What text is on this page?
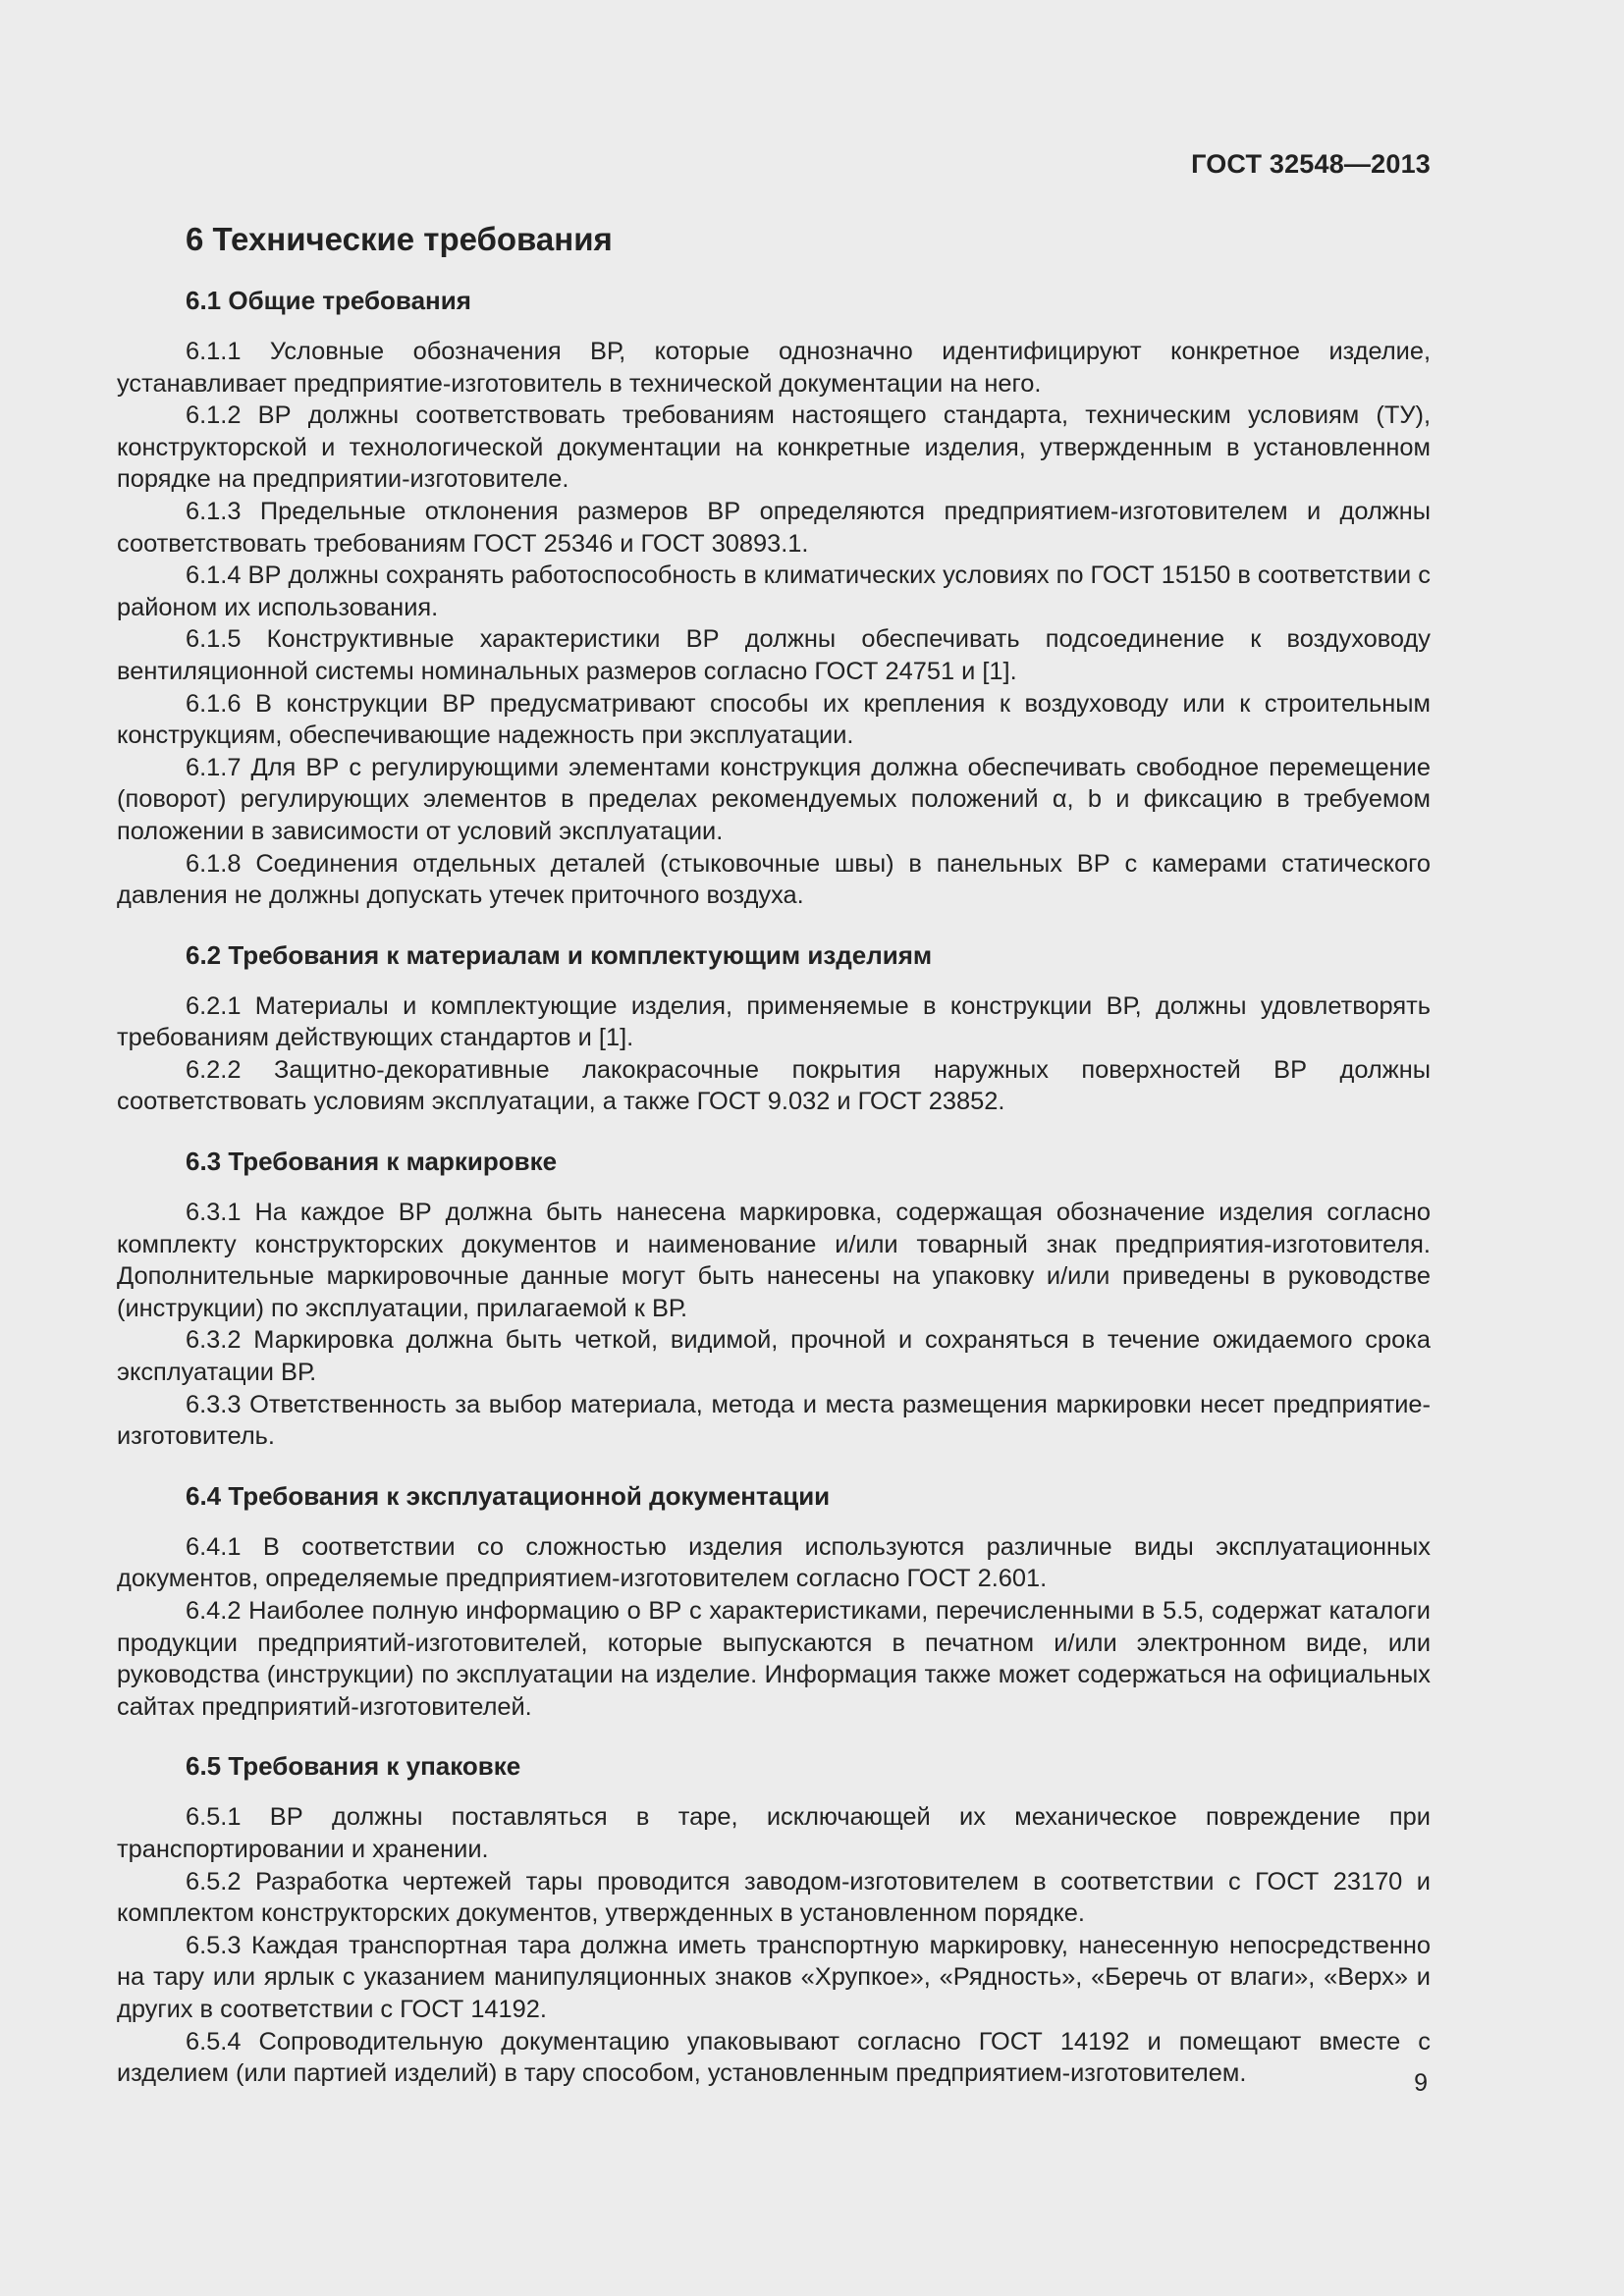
ГОСТ 32548—2013
6 Технические требования
6.1 Общие требования

6.1.1 Условные обозначения ВР, которые однозначно идентифицируют конкретное изделие, устанавливает предприятие-изготовитель в технической документации на него.

6.1.2 ВР должны соответствовать требованиям настоящего стандарта, техническим условиям (ТУ), конструкторской и технологической документации на конкретные изделия, утвержденным в установленном порядке на предприятии-изготовителе.

6.1.3 Предельные отклонения размеров ВР определяются предприятием-изготовителем и должны соответствовать требованиям ГОСТ 25346 и ГОСТ 30893.1.

6.1.4 ВР должны сохранять работоспособность в климатических условиях по ГОСТ 15150 в соответствии с районом их использования.

6.1.5 Конструктивные характеристики ВР должны обеспечивать подсоединение к воздуховоду вентиляционной системы номинальных размеров согласно ГОСТ 24751 и [1].

6.1.6 В конструкции ВР предусматривают способы их крепления к воздуховоду или к строительным конструкциям, обеспечивающие надежность при эксплуатации.

6.1.7 Для ВР с регулирующими элементами конструкция должна обеспечивать свободное перемещение (поворот) регулирующих элементов в пределах рекомендуемых положений α, b и фиксацию в требуемом положении в зависимости от условий эксплуатации.

6.1.8 Соединения отдельных деталей (стыковочные швы) в панельных ВР с камерами статического давления не должны допускать утечек приточного воздуха.

6.2 Требования к материалам и комплектующим изделиям

6.2.1 Материалы и комплектующие изделия, применяемые в конструкции ВР, должны удовлетворять требованиям действующих стандартов и [1].

6.2.2 Защитно-декоративные лакокрасочные покрытия наружных поверхностей ВР должны соответствовать условиям эксплуатации, а также ГОСТ 9.032 и ГОСТ 23852.

6.3 Требования к маркировке

6.3.1 На каждое ВР должна быть нанесена маркировка, содержащая обозначение изделия согласно комплекту конструкторских документов и наименование и/или товарный знак предприятия-изготовителя. Дополнительные маркировочные данные могут быть нанесены на упаковку и/или приведены в руководстве (инструкции) по эксплуатации, прилагаемой к ВР.

6.3.2 Маркировка должна быть четкой, видимой, прочной и сохраняться в течение ожидаемого срока эксплуатации ВР.

6.3.3 Ответственность за выбор материала, метода и места размещения маркировки несет предприятие-изготовитель.

6.4 Требования к эксплуатационной документации

6.4.1 В соответствии со сложностью изделия используются различные виды эксплуатационных документов, определяемые предприятием-изготовителем согласно ГОСТ 2.601.

6.4.2 Наиболее полную информацию о ВР с характеристиками, перечисленными в 5.5, содержат каталоги продукции предприятий-изготовителей, которые выпускаются в печатном и/или электронном виде, или руководства (инструкции) по эксплуатации на изделие. Информация также может содержаться на официальных сайтах предприятий-изготовителей.

6.5 Требования к упаковке

6.5.1 ВР должны поставляться в таре, исключающей их механическое повреждение при транспортировании и хранении.

6.5.2 Разработка чертежей тары проводится заводом-изготовителем в соответствии с ГОСТ 23170 и комплектом конструкторских документов, утвержденных в установленном порядке.

6.5.3 Каждая транспортная тара должна иметь транспортную маркировку, нанесенную непосредственно на тару или ярлык с указанием манипуляционных знаков «Хрупкое», «Рядность», «Беречь от влаги», «Верх» и других в соответствии с ГОСТ 14192.

6.5.4 Сопроводительную документацию упаковывают согласно ГОСТ 14192 и помещают вместе с изделием (или партией изделий) в тару способом, установленным предприятием-изготовителем.	9
